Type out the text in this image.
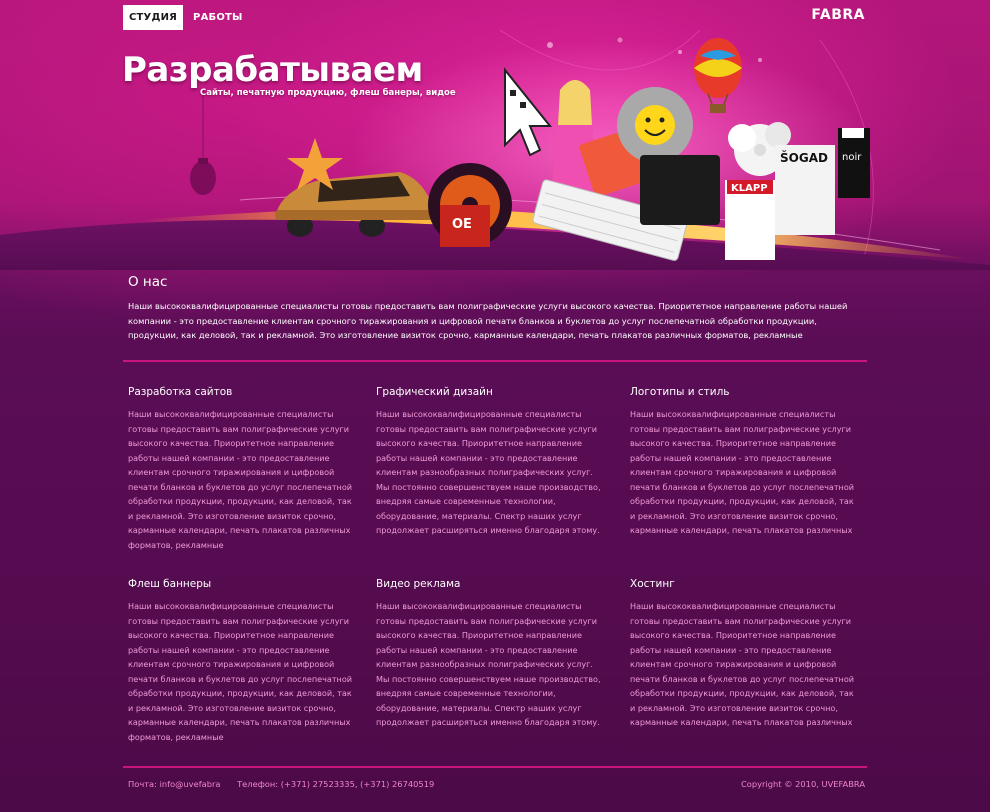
СТУДИЯ	РАБОТЫ	FABRA
OE
KLAPP
ŠOGAD noir
Разрабатываем
Сайты, печатную продукцию, флеш банеры, видое
О нас

Наши высококвалифицированные специалисты готовы предоставить вам полиграфические услуги высокого качества. Приоритетное направление работы нашей компании - это предоставление клиентам срочного тиражирования и цифровой печати бланков и буклетов до услуг послепечатной обработки продукции, продукции, как деловой, так и рекламной. Это изготовление визиток срочно, карманные календари, печать плакатов различных форматов, рекламные

Разработка сайтов

Наши высококвалифицированные специалисты готовы предоставить вам полиграфические услуги высокого качества. Приоритетное направление работы нашей компании - это предоставление клиентам срочного тиражирования и цифровой печати бланков и буклетов до услуг послепечатной обработки продукции, продукции, как деловой, так и рекламной. Это изготовление визиток срочно, карманные календари, печать плакатов различных форматов, рекламные

Графический дизайн

Наши высококвалифицированные специалисты готовы предоставить вам полиграфические услуги высокого качества. Приоритетное направление работы нашей компании - это предоставление клиентам разнообразных полиграфических услуг. Мы постоянно совершенствуем наше производство, внедряя самые современные технологии, оборудование, материалы. Спектр наших услуг продолжает расширяться именно благодаря этому.

Логотипы и стиль

Наши высококвалифицированные специалисты готовы предоставить вам полиграфические услуги высокого качества. Приоритетное направление работы нашей компании - это предоставление клиентам срочного тиражирования и цифровой печати бланков и буклетов до услуг послепечатной обработки продукции, продукции, как деловой, так и рекламной. Это изготовление визиток срочно, карманные календари, печать плакатов различных

Флеш баннеры

Наши высококвалифицированные специалисты готовы предоставить вам полиграфические услуги высокого качества. Приоритетное направление работы нашей компании - это предоставление клиентам срочного тиражирования и цифровой печати бланков и буклетов до услуг послепечатной обработки продукции, продукции, как деловой, так и рекламной. Это изготовление визиток срочно, карманные календари, печать плакатов различных форматов, рекламные

Видео реклама

Наши высококвалифицированные специалисты готовы предоставить вам полиграфические услуги высокого качества. Приоритетное направление работы нашей компании - это предоставление клиентам разнообразных полиграфических услуг. Мы постоянно совершенствуем наше производство, внедряя самые современные технологии, оборудование, материалы. Спектр наших услуг продолжает расширяться именно благодаря этому.

Хостинг

Наши высококвалифицированные специалисты готовы предоставить вам полиграфические услуги высокого качества. Приоритетное направление работы нашей компании - это предоставление клиентам срочного тиражирования и цифровой печати бланков и буклетов до услуг послепечатной обработки продукции, продукции, как деловой, так и рекламной. Это изготовление визиток срочно, карманные календари, печать плакатов различных

Почта: info@uvefabra Телефон: (+371) 27523335, (+371) 26740519	Copyright © 2010, UVEFABRA
